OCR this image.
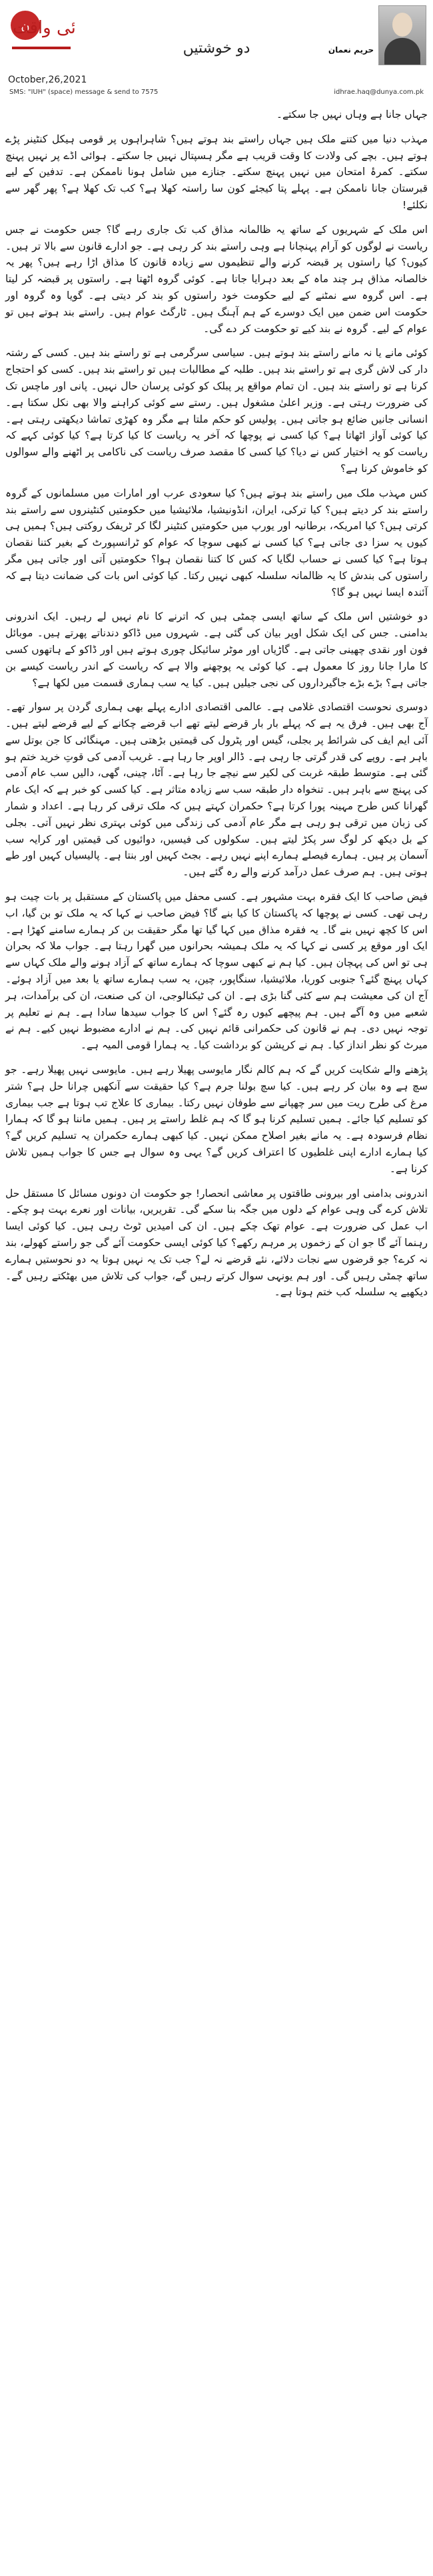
ن	ئی واقت
دو خوشتیں	حریم نعمان
October,26,2021
SMS: "IUH" (space) message & send to 7575	idhrae.haq@dunya.com.pk

جہاں جانا ہے وہاں نہیں جا سکتے۔

مہذب دنیا میں کتنے ملک ہیں جہاں راستے بند ہوتے ہیں؟ شاہراہوں پر قومی ہیکل کنٹینر پڑے ہوتے ہیں۔ بچے کی ولادت کا وقت قریب ہے مگر ہسپتال نہیں جا سکتے۔ ہوائی اڈے پر نہیں پہنچ سکتے۔ کمرۂ امتحان میں نہیں پہنچ سکتے۔ جنازے میں شامل ہونا ناممکن ہے۔ تدفین کے لیے قبرستان جانا ناممکن ہے۔ پہلے پتا کیجئے کون سا راستہ کھلا ہے؟ کب تک کھلا ہے؟ پھر گھر سے نکلئے!

اس ملک کے شہریوں کے ساتھ یہ ظالمانہ مذاق کب تک جاری رہے گا؟ جس حکومت نے جس ریاست نے لوگوں کو آرام پہنچانا ہے وہی راستے بند کر رہی ہے۔ جو ادارے قانون سے بالا تر ہیں۔ کیوں؟ کیا راستوں پر قبضہ کرنے والے تنظیموں سے زیادہ قانون کا مذاق اڑا رہے ہیں؟ پھر یہ خالصانہ مذاق ہر چند ماہ کے بعد دہرایا جاتا ہے۔ کوئی گروہ اٹھتا ہے۔ راستوں پر قبضہ کر لیتا ہے۔ اس گروہ سے نمٹنے کے لیے حکومت خود راستوں کو بند کر دیتی ہے۔ گویا وہ گروہ اور حکومت اس ضمن میں ایک دوسرے کے ہم آہنگ ہیں۔ ٹارگٹ عوام ہیں۔ راستے بند ہوتے ہیں تو عوام کے لیے۔ گروہ نے بند کیے تو حکومت کر دے گی۔

کوئی مانے یا نہ مانے راستے بند ہوتے ہیں۔ سیاسی سرگرمی ہے تو راستے بند ہیں۔ کسی کے رشتہ دار کی لاش گری ہے تو راستے بند ہیں۔ طلبہ کے مطالبات ہیں تو راستے بند ہیں۔ کسی کو احتجاج کرنا ہے تو راستے بند ہیں۔ ان تمام مواقع پر پبلک کو کوئی پرسان حال نہیں۔ پانی اور ماچس تک کی ضرورت رہتی ہے۔ وزیر اعلیٰ مشغول ہیں۔ رستے سے کوئی کراہنے والا بھی نکل سکتا ہے۔ انسانی جانیں ضائع ہو جاتی ہیں۔ پولیس کو حکم ملتا ہے مگر وہ کھڑی تماشا دیکھتی رہتی ہے۔ کیا کوئی آواز اٹھاتا ہے؟ کیا کسی نے پوچھا کہ آخر یہ ریاست کا کیا کرتا ہے؟ کیا کوئی کہے کہ ریاست کو یہ اختیار کس نے دیا؟ کیا کسی کا مقصد صرف ریاست کی ناکامی پر اٹھنے والے سوالوں کو خاموش کرنا ہے؟

کس مہذب ملک میں راستے بند ہوتے ہیں؟ کیا سعودی عرب اور امارات میں مسلمانوں کے گروہ راستے بند کر دیتے ہیں؟ کیا ترکی، ایران، انڈونیشیا، ملائیشیا میں حکومتیں کنٹینروں سے راستے بند کرتی ہیں؟ کیا امریکہ، برطانیہ اور یورپ میں حکومتیں کنٹینر لگا کر ٹریفک روکتی ہیں؟ ہمیں ہی کیوں یہ سزا دی جاتی ہے؟ کیا کسی نے کبھی سوچا کہ عوام کو ٹرانسپورٹ کے بغیر کتنا نقصان ہوتا ہے؟ کیا کسی نے حساب لگایا کہ کس کا کتنا نقصان ہوا؟ حکومتیں آتی اور جاتی ہیں مگر راستوں کی بندش کا یہ ظالمانہ سلسلہ کبھی نہیں رکتا۔ کیا کوئی اس بات کی ضمانت دیتا ہے کہ آئندہ ایسا نہیں ہو گا؟

دو خوشتیں اس ملک کے ساتھ ایسی چمٹی ہیں کہ اترنے کا نام نہیں لے رہیں۔ ایک اندرونی بدامنی۔ جس کی ایک شکل اوپر بیان کی گئی ہے۔ شہروں میں ڈاکو دندناتے پھرتے ہیں۔ موبائل فون اور نقدی چھینی جاتی ہے۔ گاڑیاں اور موٹر سائیکل چوری ہوتے ہیں اور ڈاکو کے ہاتھوں کسی کا مارا جانا روز کا معمول ہے۔ کیا کوئی یہ پوچھنے والا ہے کہ ریاست کے اندر ریاست کیسے بن جاتی ہے؟ بڑے بڑے جاگیرداروں کی نجی جیلیں ہیں۔ کیا یہ سب ہماری قسمت میں لکھا ہے؟

دوسری نحوست اقتصادی غلامی ہے۔ عالمی اقتصادی ادارے پہلے بھی ہماری گردن پر سوار تھے۔ آج بھی ہیں۔ فرق یہ ہے کہ پہلے بار بار قرضے لیتے تھے اب قرضے چکانے کے لیے قرضے لیتے ہیں۔ آئی ایم ایف کی شرائط پر بجلی، گیس اور پٹرول کی قیمتیں بڑھتی ہیں۔ مہنگائی کا جن بوتل سے باہر ہے۔ روپے کی قدر گرتی جا رہی ہے۔ ڈالر اوپر جا رہا ہے۔ غریب آدمی کی قوتِ خرید ختم ہو گئی ہے۔ متوسط طبقہ غربت کی لکیر سے نیچے جا رہا ہے۔ آٹا، چینی، گھی، دالیں سب عام آدمی کی پہنچ سے باہر ہیں۔ تنخواہ دار طبقہ سب سے زیادہ متاثر ہے۔ کیا کسی کو خبر ہے کہ ایک عام گھرانا کس طرح مہینہ پورا کرتا ہے؟ حکمران کہتے ہیں کہ ملک ترقی کر رہا ہے۔ اعداد و شمار کی زبان میں ترقی ہو رہی ہے مگر عام آدمی کی زندگی میں کوئی بہتری نظر نہیں آتی۔ بجلی کے بل دیکھ کر لوگ سر پکڑ لیتے ہیں۔ سکولوں کی فیسیں، دوائیوں کی قیمتیں اور کرایہ سب آسمان پر ہیں۔ ہمارے فیصلے ہمارے اپنے نہیں رہے۔ بجٹ کہیں اور بنتا ہے۔ پالیسیاں کہیں اور طے ہوتی ہیں۔ ہم صرف عمل درآمد کرنے والے رہ گئے ہیں۔

فیض صاحب کا ایک فقرہ بہت مشہور ہے۔ کسی محفل میں پاکستان کے مستقبل پر بات چیت ہو رہی تھی۔ کسی نے پوچھا کہ پاکستان کا کیا بنے گا؟ فیض صاحب نے کہا کہ یہ ملک تو بن گیا، اب اس کا کچھ نہیں بنے گا۔ یہ فقرہ مذاق میں کہا گیا تھا مگر حقیقت بن کر ہمارے سامنے کھڑا ہے۔ ایک اور موقع پر کسی نے کہا کہ یہ ملک ہمیشہ بحرانوں میں گھرا رہتا ہے۔ جواب ملا کہ بحران ہی تو اس کی پہچان ہیں۔ کیا ہم نے کبھی سوچا کہ ہمارے ساتھ کے آزاد ہونے والے ملک کہاں سے کہاں پہنچ گئے؟ جنوبی کوریا، ملائیشیا، سنگاپور، چین، یہ سب ہمارے ساتھ یا بعد میں آزاد ہوئے۔ آج ان کی معیشت ہم سے کئی گنا بڑی ہے۔ ان کی ٹیکنالوجی، ان کی صنعت، ان کی برآمدات، ہر شعبے میں وہ آگے ہیں۔ ہم پیچھے کیوں رہ گئے؟ اس کا جواب سیدھا سادا ہے۔ ہم نے تعلیم پر توجہ نہیں دی۔ ہم نے قانون کی حکمرانی قائم نہیں کی۔ ہم نے ادارے مضبوط نہیں کیے۔ ہم نے میرٹ کو نظر انداز کیا۔ ہم نے کرپشن کو برداشت کیا۔ یہ ہمارا قومی المیہ ہے۔

پڑھنے والے شکایت کریں گے کہ ہم کالم نگار مایوسی پھیلا رہے ہیں۔ مایوسی نہیں پھیلا رہے۔ جو سچ ہے وہ بیان کر رہے ہیں۔ کیا سچ بولنا جرم ہے؟ کیا حقیقت سے آنکھیں چرانا حل ہے؟ شتر مرغ کی طرح ریت میں سر چھپانے سے طوفان نہیں رکتا۔ بیماری کا علاج تب ہوتا ہے جب بیماری کو تسلیم کیا جائے۔ ہمیں تسلیم کرنا ہو گا کہ ہم غلط راستے پر ہیں۔ ہمیں ماننا ہو گا کہ ہمارا نظام فرسودہ ہے۔ یہ مانے بغیر اصلاح ممکن نہیں۔ کیا کبھی ہمارے حکمران یہ تسلیم کریں گے؟ کیا ہمارے ادارے اپنی غلطیوں کا اعتراف کریں گے؟ یہی وہ سوال ہے جس کا جواب ہمیں تلاش کرنا ہے۔

اندرونی بدامنی اور بیرونی طاقتوں پر معاشی انحصار! جو حکومت ان دونوں مسائل کا مستقل حل تلاش کرے گی وہی عوام کے دلوں میں جگہ بنا سکے گی۔ تقریریں، بیانات اور نعرے بہت ہو چکے۔ اب عمل کی ضرورت ہے۔ عوام تھک چکے ہیں۔ ان کی امیدیں ٹوٹ رہی ہیں۔ کیا کوئی ایسا رہنما آئے گا جو ان کے زخموں پر مرہم رکھے؟ کیا کوئی ایسی حکومت آئے گی جو راستے کھولے، بند نہ کرے؟ جو قرضوں سے نجات دلائے، نئے قرضے نہ لے؟ جب تک یہ نہیں ہوتا یہ دو نحوستیں ہمارے ساتھ چمٹی رہیں گی۔ اور ہم یونہی سوال کرتے رہیں گے، جواب کی تلاش میں بھٹکتے رہیں گے۔ دیکھیے یہ سلسلہ کب ختم ہوتا ہے۔
